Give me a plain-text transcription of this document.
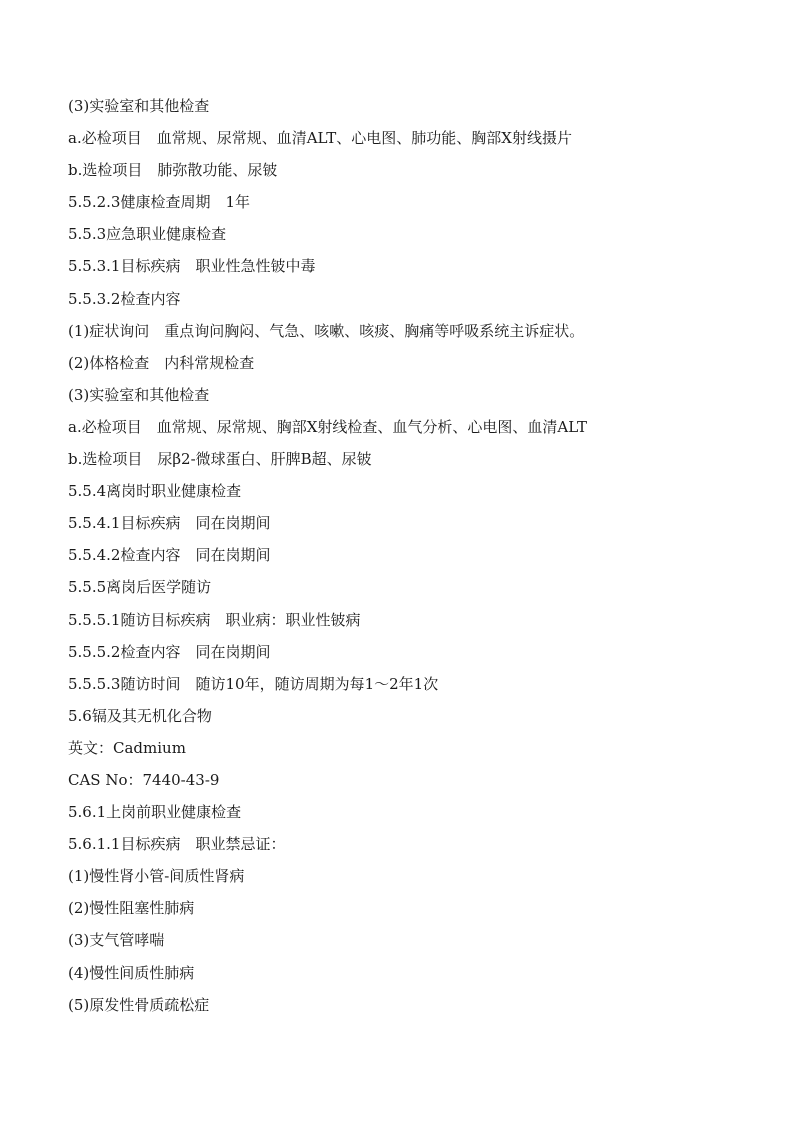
(3)实验室和其他检查
a.必检项目　血常规、尿常规、血清ALT、心电图、肺功能、胸部X射线摄片
b.选检项目　肺弥散功能、尿铍
5.5.2.3健康检查周期　1年
5.5.3应急职业健康检查
5.5.3.1目标疾病　职业性急性铍中毒
5.5.3.2检查内容
(1)症状询问　重点询问胸闷、气急、咳嗽、咳痰、胸痛等呼吸系统主诉症状。
(2)体格检查　内科常规检查
(3)实验室和其他检查
a.必检项目　血常规、尿常规、胸部X射线检查、血气分析、心电图、血清ALT
b.选检项目　尿β2-微球蛋白、肝脾B超、尿铍
5.5.4离岗时职业健康检查
5.5.4.1目标疾病　同在岗期间
5.5.4.2检查内容　同在岗期间
5.5.5离岗后医学随访
5.5.5.1随访目标疾病　职业病：职业性铍病
5.5.5.2检查内容　同在岗期间
5.5.5.3随访时间　随访10年，随访周期为每1～2年1次
5.6镉及其无机化合物
英文：Cadmium
CAS No：7440-43-9
5.6.1上岗前职业健康检查
5.6.1.1目标疾病　职业禁忌证：
(1)慢性肾小管-间质性肾病
(2)慢性阻塞性肺病
(3)支气管哮喘
(4)慢性间质性肺病
(5)原发性骨质疏松症
